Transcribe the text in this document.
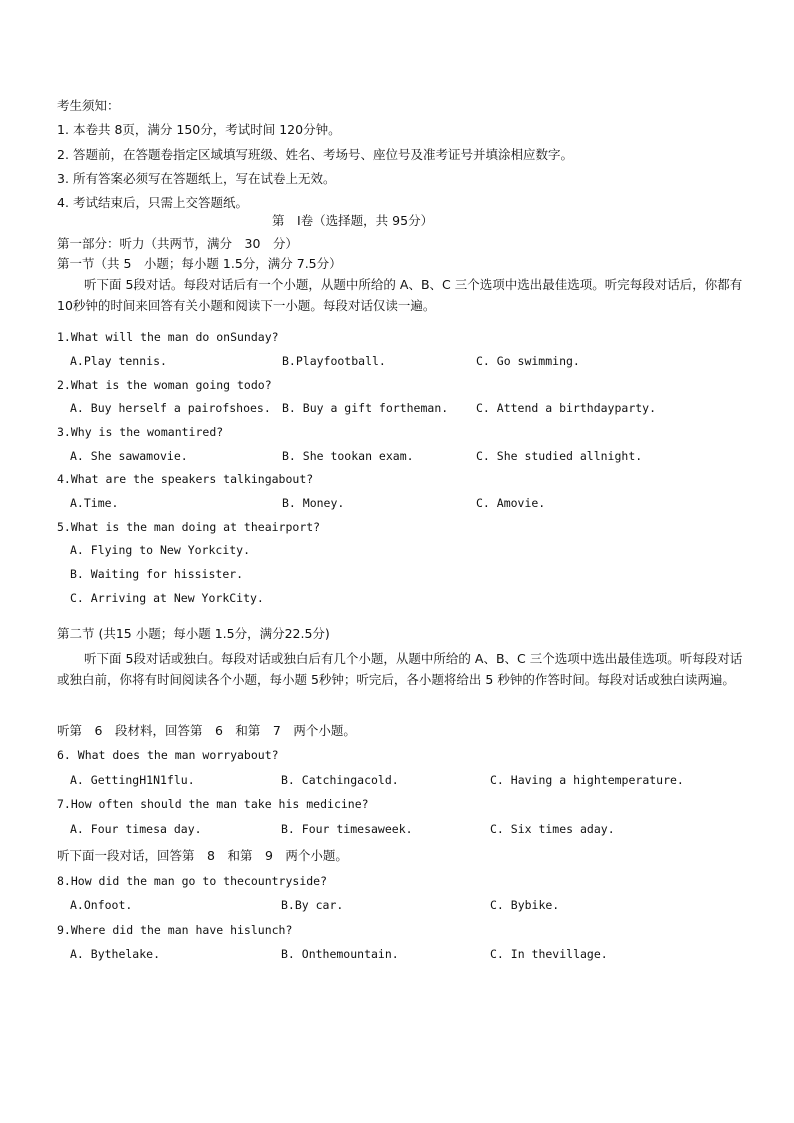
考生须知：
1. 本卷共 8页，满分 150分，考试时间 120分钟。
2. 答题前，在答题卷指定区域填写班级、姓名、考场号、座位号及准考证号并填涂相应数字。
3. 所有答案必须写在答题纸上，写在试卷上无效。
4. 考试结束后，只需上交答题纸。
第　I卷（选择题，共 95分）
第一部分：听力（共两节，满分　30　分）
第一节（共 5　小题；每小题 1.5分，满分 7.5分）
听下面 5段对话。每段对话后有一个小题，从题中所给的 A、B、C 三个选项中选出最佳选项。听完每段对话后，你都有 10秒钟的时间来回答有关小题和阅读下一小题。每段对话仅读一遍。
1.What will the man do onSunday?
A.Play tennis.	B.Playfootball.	C. Go swimming.
2.What is the woman going todo?
A. Buy herself a pairofshoes. B. Buy a gift fortheman. C. Attend a birthdayparty.
3.Why is the womantired?
A. She sawamovie.	B. She tookan exam.	C. She studied allnight.
4.What are the speakers talkingabout?
A.Time.	B. Money.	C. Amovie.
5.What is the man doing at theairport?
A. Flying to New Yorkcity.
B. Waiting for hissister.
C. Arriving at New YorkCity.
第二节 (共15 小题；每小题 1.5分，满分22.5分)
听下面 5段对话或独白。每段对话或独白后有几个小题，从题中所给的 A、B、C 三个选项中选出最佳选项。听每段对话或独白前，你将有时间阅读各个小题，每小题 5秒钟；听完后，各小题将给出 5 秒钟的作答时间。每段对话或独白读两遍。
听第　6　段材料，回答第　6　和第　7　两个小题。
6. What does the man worryabout?
A. GettingH1N1flu.	B. Catchingacold.	C. Having a hightemperature.
7.How often should the man take his medicine?
A. Four timesa day.	B. Four timesaweek.	C. Six times aday.
听下面一段对话，回答第　8　和第　9　两个小题。
8.How did the man go to thecountryside?
A.Onfoot.	B.By car.	C. Bybike.
9.Where did the man have hislunch?
A. Bythelake.	B. Onthemountain.	C. In thevillage.
